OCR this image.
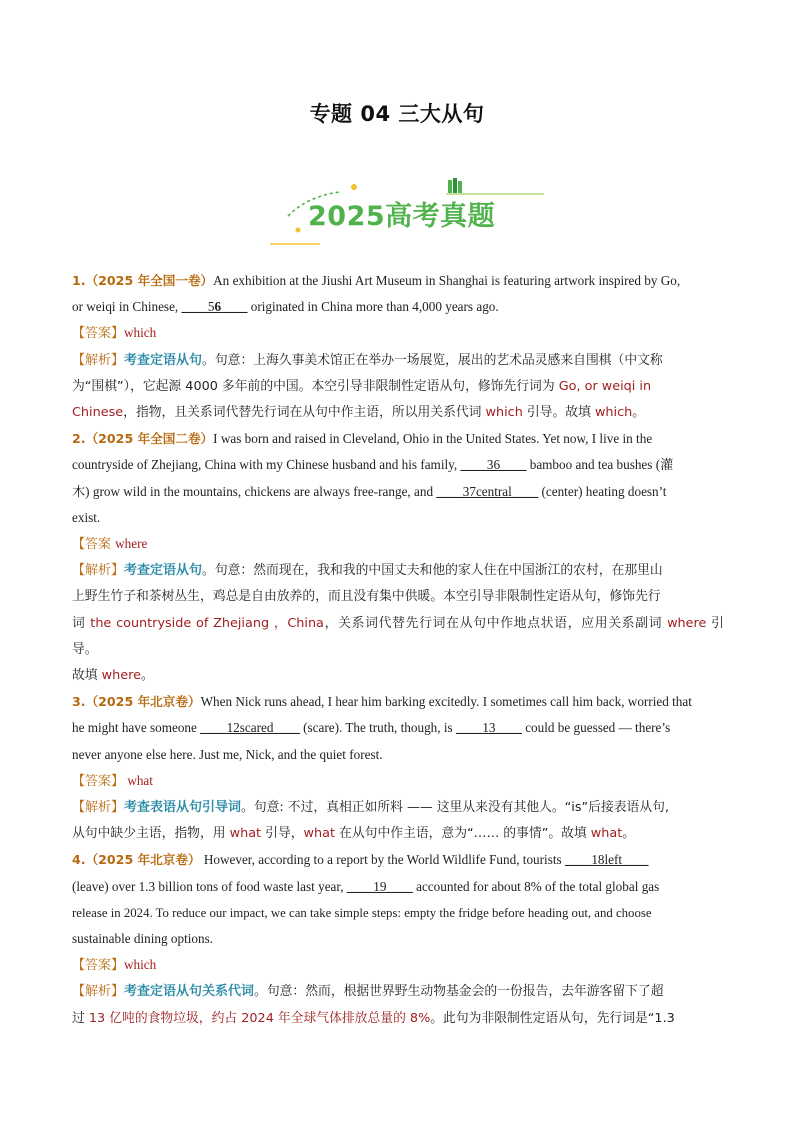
专题 04 三大从句
2025高考真题

1.（2025 年全国一卷）An exhibition at the Jiushi Art Museum in Shanghai is featuring artwork inspired by Go,

or weiqi in Chinese, ____56____ originated in China more than 4,000 years ago.

【答案】which

【解析】考查定语从句。句意：上海久事美术馆正在举办一场展览，展出的艺术品灵感来自围棋（中文称

为“围棋”），它起源 4000 多年前的中国。本空引导非限制性定语从句，修饰先行词为 Go, or weiqi in

Chinese，指物，且关系词代替先行词在从句中作主语，所以用关系代词 which 引导。故填 which。

2.（2025 年全国二卷）I was born and raised in Cleveland, Ohio in the United States. Yet now, I live in the

countryside of Zhejiang, China with my Chinese husband and his family, ____36____ bamboo and tea bushes (灌

木) grow wild in the mountains, chickens are always free-range, and ____37central____ (center) heating doesn’t

exist.

【答案 where

【解析】考查定语从句。句意：然而现在，我和我的中国丈夫和他的家人住在中国浙江的农村，在那里山

上野生竹子和茶树丛生，鸡总是自由放养的，而且没有集中供暖。本空引导非限制性定语从句，修饰先行

词 the countryside of Zhejiang ，China，关系词代替先行词在从句中作地点状语，应用关系副词 where 引导。

故填 where。

3.（2025 年北京卷）When Nick runs ahead, I hear him barking excitedly. I sometimes call him back, worried that

he might have someone ____12scared____ (scare). The truth, though, is ____13____ could be guessed — there’s

never anyone else here. Just me, Nick, and the quiet forest.

【答案】 what

【解析】考查表语从句引导词。句意: 不过，真相正如所料 —— 这里从来没有其他人。“is”后接表语从句,

从句中缺少主语，指物，用 what 引导，what 在从句中作主语，意为“…… 的事情”。故填 what。

4.（2025 年北京卷） However, according to a report by the World Wildlife Fund, tourists ____18left____

(leave) over 1.3 billion tons of food waste last year, ____19____ accounted for about 8% of the total global gas

release in 2024. To reduce our impact, we can take simple steps: empty the fridge before heading out, and choose

sustainable dining options.

【答案】which

【解析】考查定语从句关系代词。句意：然而，根据世界野生动物基金会的一份报告，去年游客留下了超

过 13 亿吨的食物垃圾，约占 2024 年全球气体排放总量的 8%。此句为非限制性定语从句，先行词是“1.3
